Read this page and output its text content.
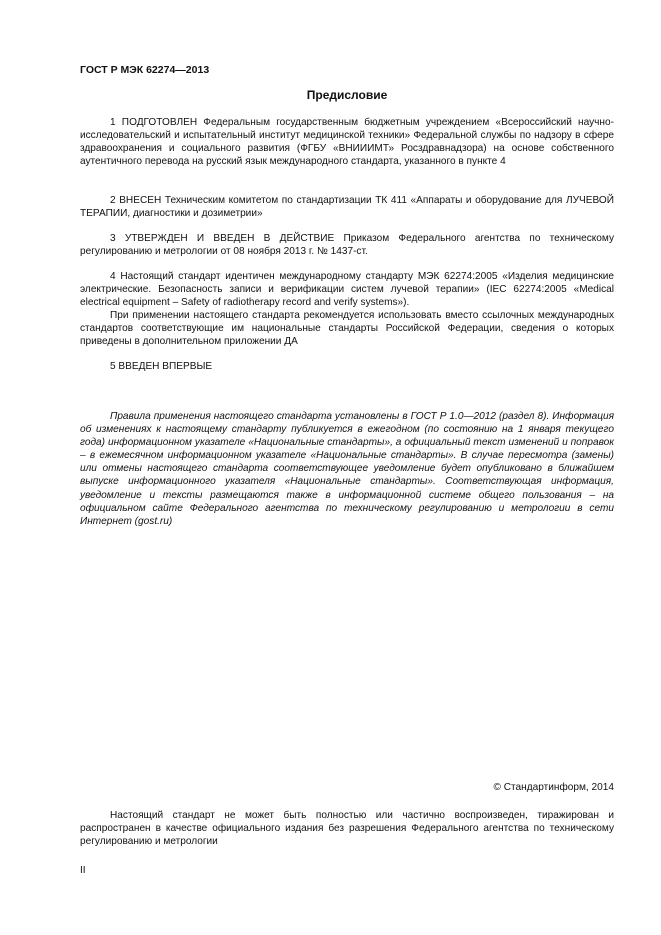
ГОСТ Р МЭК 62274—2013
Предисловие

1 ПОДГОТОВЛЕН Федеральным государственным бюджетным учреждением «Всероссийский научно-исследовательский и испытательный институт медицинской техники» Федеральной службы по надзору в сфере здравоохранения и социального развития (ФГБУ «ВНИИИМТ» Росздравнадзора) на основе собственного аутентичного перевода на русский язык международного стандарта, указанного в пункте 4

2 ВНЕСЕН Техническим комитетом по стандартизации ТК 411 «Аппараты и оборудование для ЛУЧЕВОЙ ТЕРАПИИ, диагностики и дозиметрии»

3 УТВЕРЖДЕН И ВВЕДЕН В ДЕЙСТВИЕ Приказом Федерального агентства по техническому регулированию и метрологии от 08 ноября 2013 г. № 1437-ст.

4 Настоящий стандарт идентичен международному стандарту МЭК 62274:2005 «Изделия медицинские электрические. Безопасность записи и верификации систем лучевой терапии» (IEC 62274:2005 «Medical electrical equipment – Safety of radiotherapy record and verify systems»).

При применении настоящего стандарта рекомендуется использовать вместо ссылочных международных стандартов соответствующие им национальные стандарты Российской Федерации, сведения о которых приведены в дополнительном приложении ДА

5 ВВЕДЕН ВПЕРВЫЕ

Правила применения настоящего стандарта установлены в ГОСТ Р 1.0—2012 (раздел 8). Информация об изменениях к настоящему стандарту публикуется в ежегодном (по состоянию на 1 января текущего года) информационном указателе «Национальные стандарты», а официальный текст изменений и поправок – в ежемесячном информационном указателе «Национальные стандарты». В случае пересмотра (замены) или отмены настоящего стандарта соответствующее уведомление будет опубликовано в ближайшем выпуске информационного указателя «Национальные стандарты». Соответствующая информация, уведомление и тексты размещаются также в информационной системе общего пользования – на официальном сайте Федерального агентства по техническому регулированию и метрологии в сети Интернет (gost.ru)

© Стандартинформ, 2014

Настоящий стандарт не может быть полностью или частично воспроизведен, тиражирован и распространен в качестве официального издания без разрешения Федерального агентства по техническому регулированию и метрологии

II
